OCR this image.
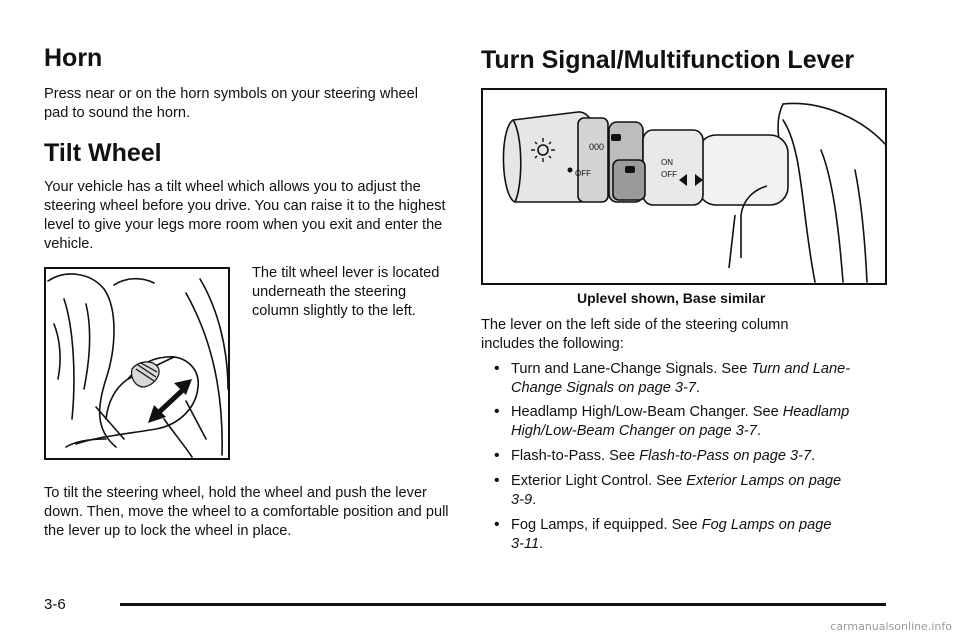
Horn

Press near or on the horn symbols on your steering wheel pad to sound the horn.

Tilt Wheel

Your vehicle has a tilt wheel which allows you to adjust the steering wheel before you drive. You can raise it to the highest level to give your legs more room when you exit and enter the vehicle.

The tilt wheel lever is located underneath the steering column slightly to the left.

To tilt the steering wheel, hold the wheel and push the lever down. Then, move the wheel to a comfortable position and pull the lever up to lock the wheel in place.

Turn Signal/Multifunction Lever
000
ON
OFF
OFF
Uplevel shown, Base similar

The lever on the left side of the steering column includes the following:

• Turn and Lane-Change Signals. See Turn and Lane-Change Signals on page 3-7.
• Headlamp High/Low-Beam Changer. See Headlamp High/Low-Beam Changer on page 3-7.
• Flash-to-Pass. See Flash-to-Pass on page 3-7.
• Exterior Light Control. See Exterior Lamps on page 3-9.
• Fog Lamps, if equipped. See Fog Lamps on page 3-11.
3-6
carmanualsonline.info
